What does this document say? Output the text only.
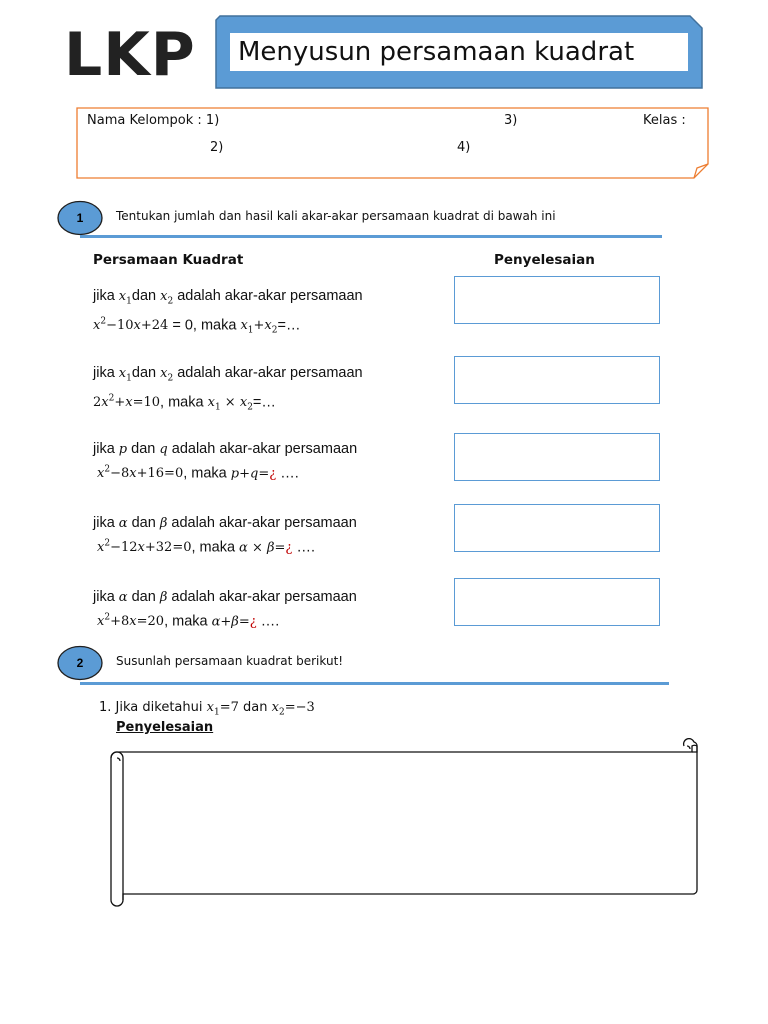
LKP	Menyusun persamaan kuadrat
Nama Kelompok : 1)	3)	Kelas :
2)	4)
1	Tentukan jumlah dan hasil kali akar-akar persamaan kuadrat di bawah ini
Persamaan Kuadrat	Penyelesaian
jika $x_1dan$ $x_2$ adalah akar-akar persamaan
$x^2-10x+24 = 0$, maka $x_1+x_2=\dots$
jika $x_1dan$ $x_2$ adalah akar-akar persamaan
$2x^2+x=10$, maka $x_1$ × $x_2=\dots$
jika p dan q adalah akar-akar persamaan
$x^2-8x+16=0$, maka p+q=¿ ….
jika α dan β adalah akar-akar persamaan
$x^2-12x+32=0$, maka α × β=¿ ….
jika α dan β adalah akar-akar persamaan
$x^2+8x=20$, maka α+β=¿ ….
2	Susunlah persamaan kuadrat berikut!
1. Jika diketahui $x_1=7$ dan $x_2=-3$
Penyelesaian
